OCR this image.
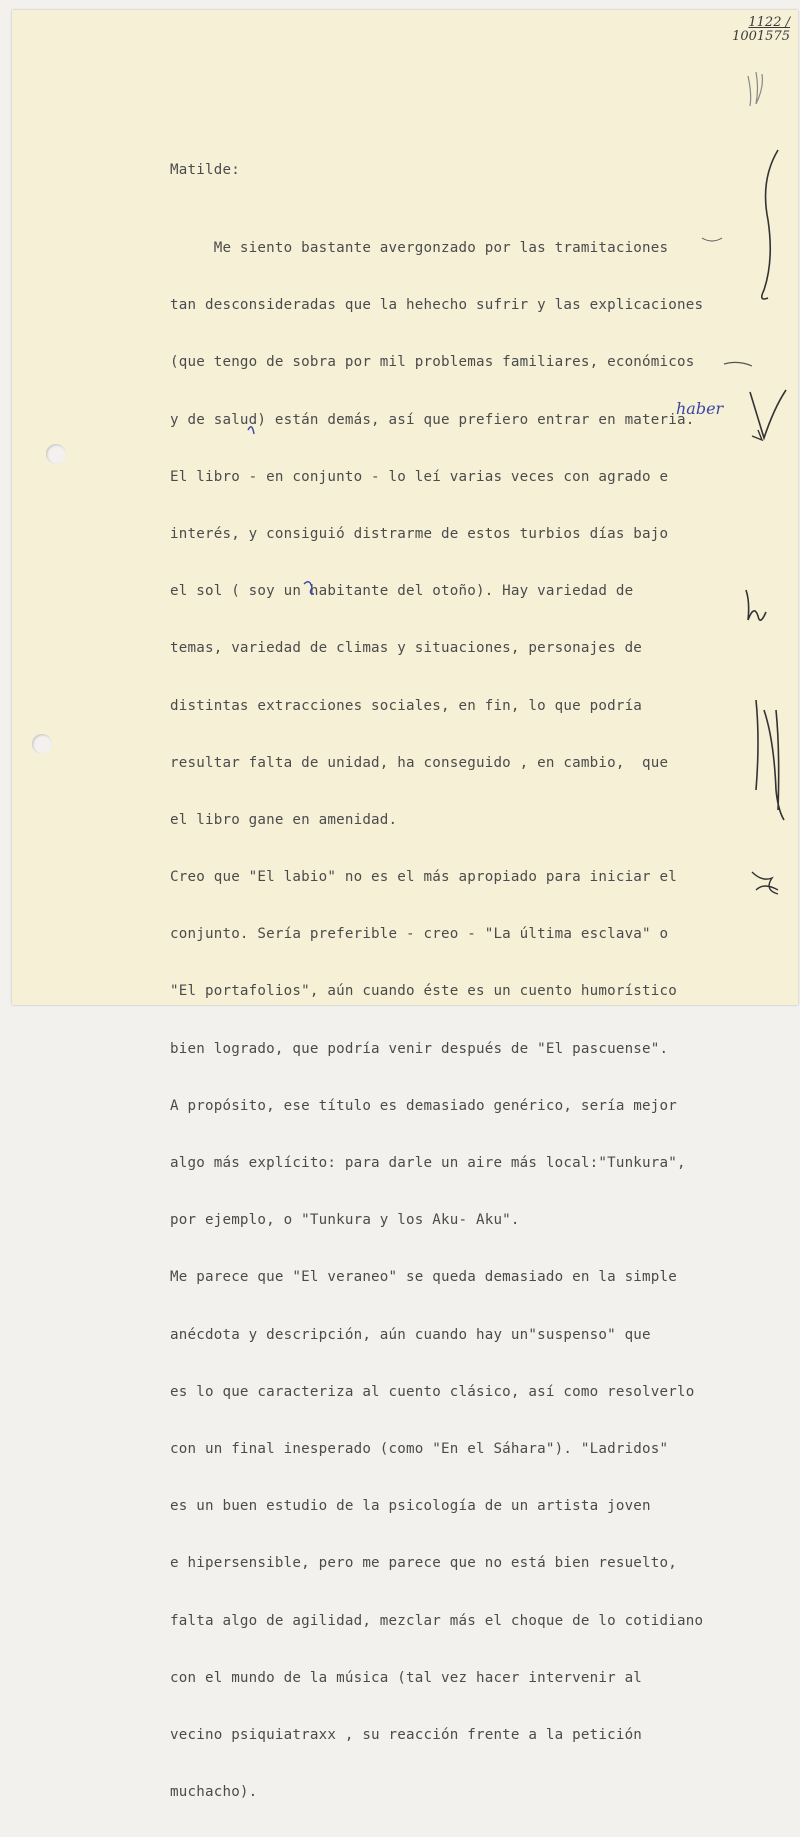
1122 /
1001575
Matilde:

Me siento bastante avergonzado por las tramitaciones

tan desconsideradas que la hehecho sufrir y las explicaciones

(que tengo de sobra por mil problemas familiares, económicos

y de salud) están demás, así que prefiero entrar en materia.

El libro - en conjunto - lo leí varias veces con agrado e

interés, y consiguió distrarme de estos turbios días bajo

el sol ( soy un habitante del otoño). Hay variedad de

temas, variedad de climas y situaciones, personajes de

distintas extracciones sociales, en fin, lo que podría

resultar falta de unidad, ha conseguido , en cambio,  que

el libro gane en amenidad.

Creo que "El labio" no es el más apropiado para iniciar el

conjunto. Sería preferible - creo - "La última esclava" o

"El portafolios", aún cuando éste es un cuento humorístico

bien logrado, que podría venir después de "El pascuense".

A propósito, ese título es demasiado genérico, sería mejor

algo más explícito: para darle un aire más local:"Tunkura",

por ejemplo, o "Tunkura y los Aku- Aku".

Me parece que "El veraneo" se queda demasiado en la simple

anécdota y descripción, aún cuando hay un"suspenso" que

es lo que caracteriza al cuento clásico, así como resolverlo

con un final inesperado (como "En el Sáhara"). "Ladridos"

es un buen estudio de la psicología de un artista joven

e hipersensible, pero me parece que no está bien resuelto,

falta algo de agilidad, mezclar más el choque de lo cotidiano

con el mundo de la música (tal vez hacer intervenir al

vecino psiquiatraxx , su reacción frente a la petición

muchacho).

haber
